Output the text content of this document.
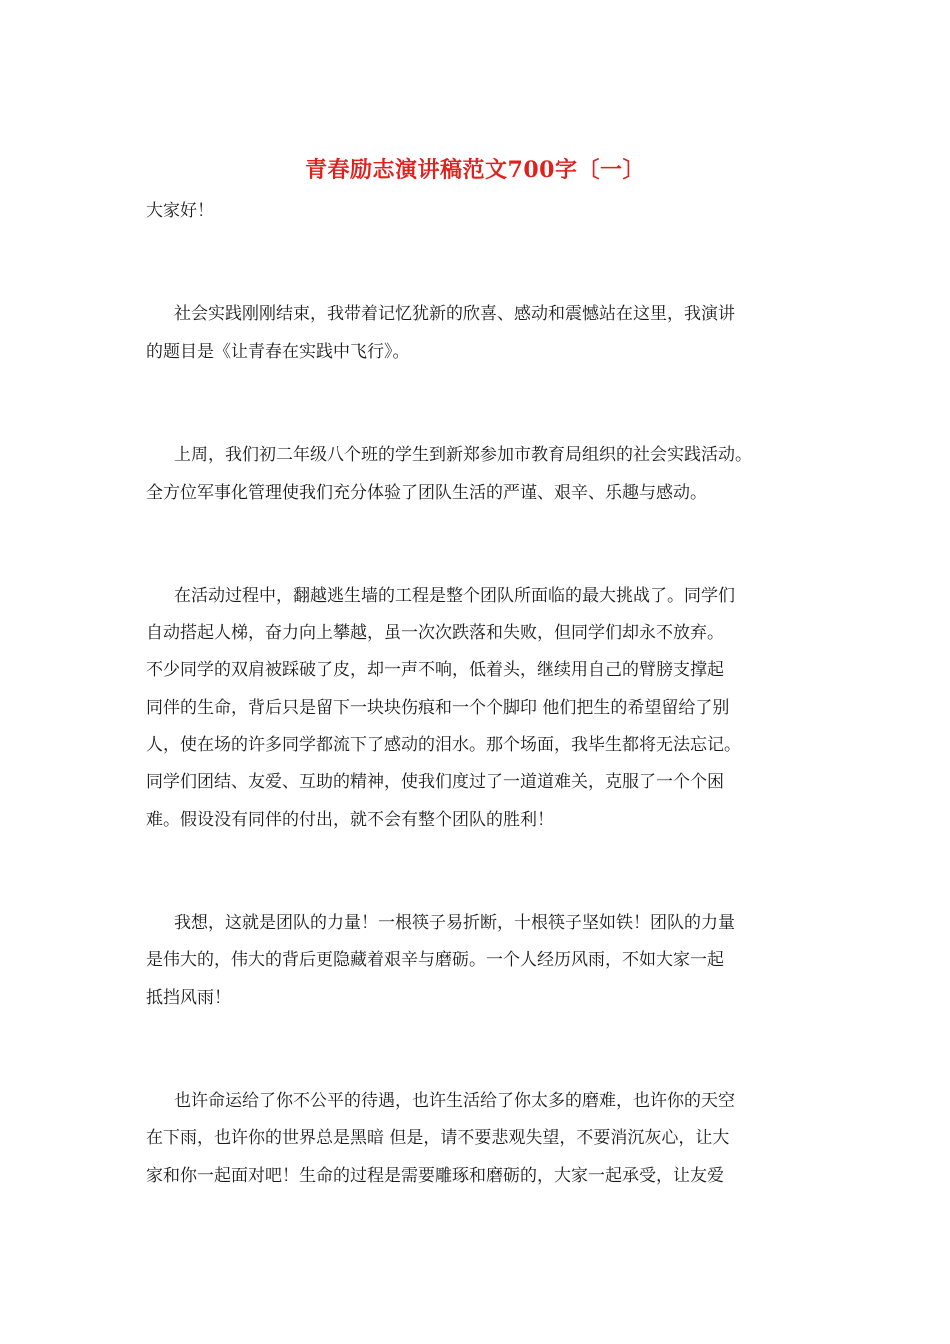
青春励志演讲稿范文700字〔一〕
大家好！
社会实践刚刚结束，我带着记忆犹新的欣喜、感动和震憾站在这里，我演讲
的题目是《让青春在实践中飞行》。
上周，我们初二年级八个班的学生到新郑参加市教育局组织的社会实践活动。
全方位军事化管理使我们充分体验了团队生活的严谨、艰辛、乐趣与感动。
在活动过程中，翻越逃生墙的工程是整个团队所面临的最大挑战了。同学们
自动搭起人梯，奋力向上攀越，虽一次次跌落和失败，但同学们却永不放弃。
不少同学的双肩被踩破了皮，却一声不响，低着头，继续用自己的臂膀支撑起
同伴的生命，背后只是留下一块块伤痕和一个个脚印 他们把生的希望留给了别
人，使在场的许多同学都流下了感动的泪水。那个场面，我毕生都将无法忘记。
同学们团结、友爱、互助的精神，使我们度过了一道道难关，克服了一个个困
难。假设没有同伴的付出，就不会有整个团队的胜利！
我想，这就是团队的力量！一根筷子易折断，十根筷子坚如铁！团队的力量
是伟大的，伟大的背后更隐藏着艰辛与磨砺。一个人经历风雨，不如大家一起
抵挡风雨！
也许命运给了你不公平的待遇，也许生活给了你太多的磨难，也许你的天空
在下雨，也许你的世界总是黑暗 但是，请不要悲观失望，不要消沉灰心，让大
家和你一起面对吧！生命的过程是需要雕琢和磨砺的，大家一起承受，让友爱
